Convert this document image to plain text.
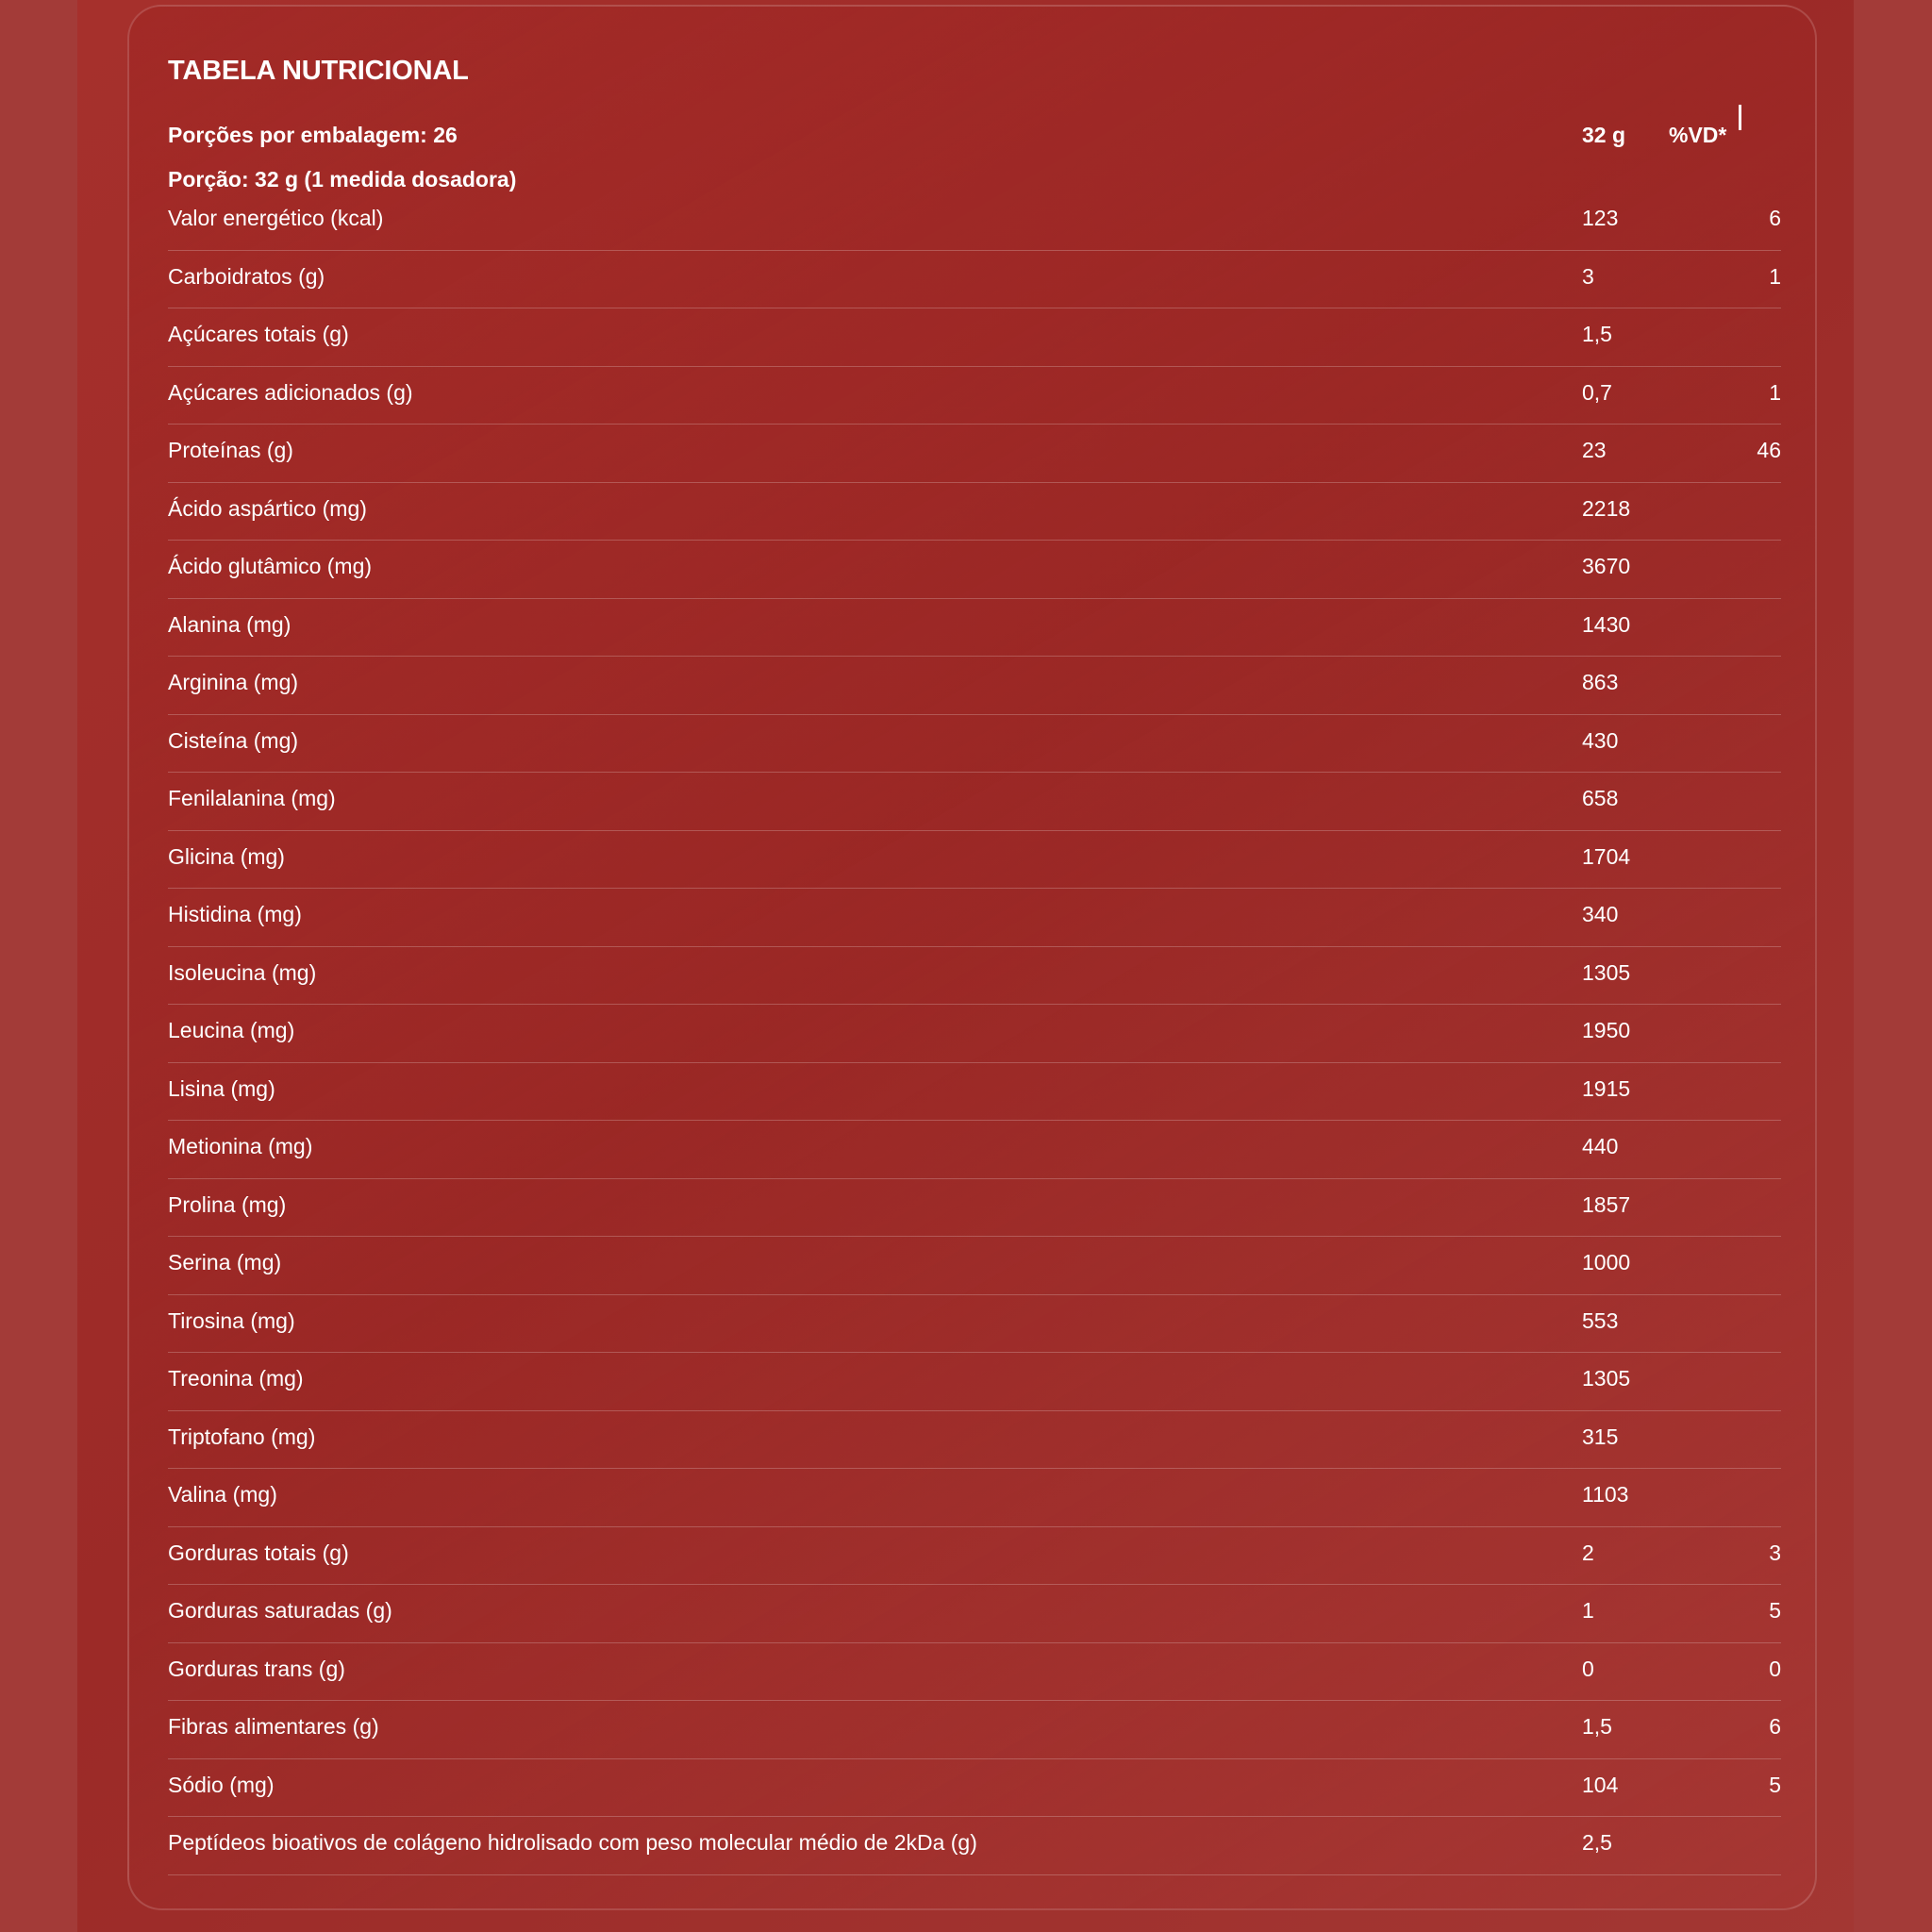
TABELA NUTRICIONAL
Porções por embalagem: 26	32 g %VD*
Porção: 32 g (1 medida dosadora)
Valor energético (kcal)	123	6
Carboidratos (g)	3	1
Açúcares totais (g)	1,5
Açúcares adicionados (g)	0,7	1
Proteínas (g)	23	46
Ácido aspártico (mg)	2218
Ácido glutâmico (mg)	3670
Alanina (mg)	1430
Arginina (mg)	863
Cisteína (mg)	430
Fenilalanina (mg)	658
Glicina (mg)	1704
Histidina (mg)	340
Isoleucina (mg)	1305
Leucina (mg)	1950
Lisina (mg)	1915
Metionina (mg)	440
Prolina (mg)	1857
Serina (mg)	1000
Tirosina (mg)	553
Treonina (mg)	1305
Triptofano (mg)	315
Valina (mg)	1103
Gorduras totais (g)	2	3
Gorduras saturadas (g)	1	5
Gorduras trans (g)	0	0
Fibras alimentares (g)	1,5	6
Sódio (mg)	104	5
Peptídeos bioativos de colágeno hidrolisado com peso molecular médio de 2kDa (g)	2,5
